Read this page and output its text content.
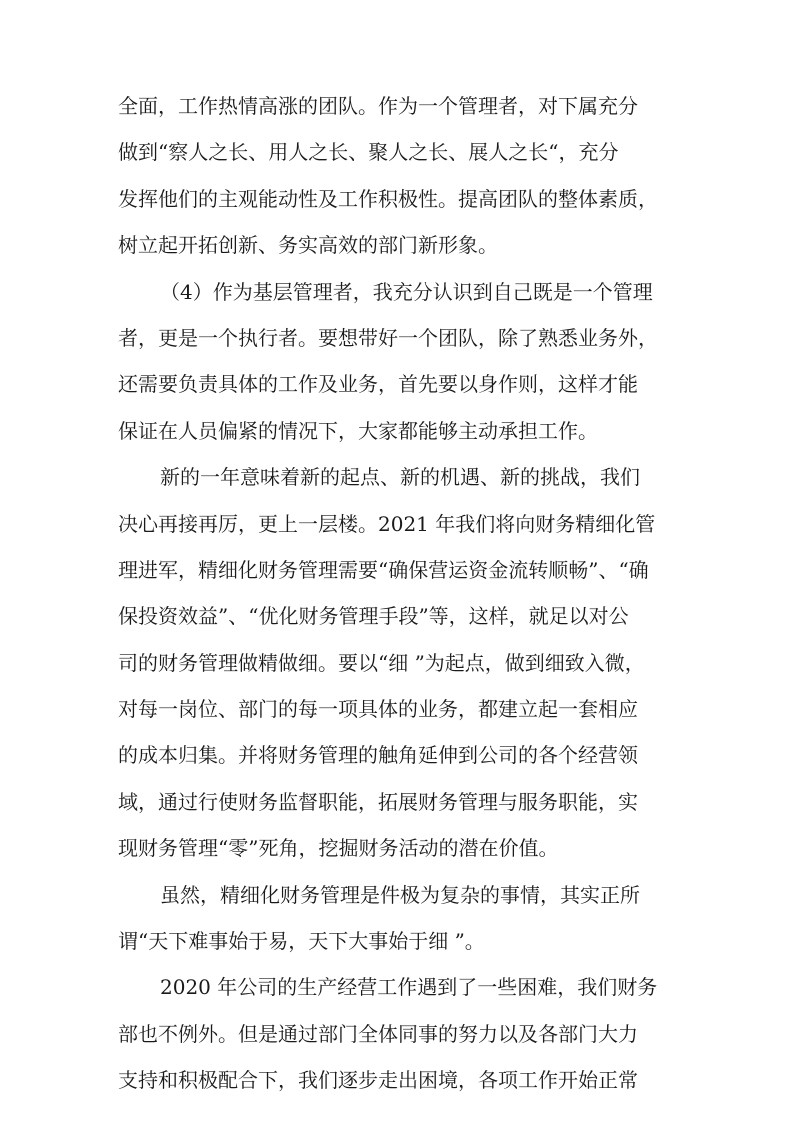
全面，工作热情高涨的团队。作为一个管理者，对下属充分

做到“察人之长、用人之长、聚人之长、展人之长“，充分

发挥他们的主观能动性及工作积极性。提高团队的整体素质，

树立起开拓创新、务实高效的部门新形象。

（4）作为基层管理者，我充分认识到自己既是一个管理

者，更是一个执行者。要想带好一个团队，除了熟悉业务外，

还需要负责具体的工作及业务，首先要以身作则，这样才能

保证在人员偏紧的情况下，大家都能够主动承担工作。

新的一年意味着新的起点、新的机遇、新的挑战，我们

决心再接再厉，更上一层楼。2021 年我们将向财务精细化管

理进军，精细化财务管理需要“确保营运资金流转顺畅”、“确

保投资效益”、“优化财务管理手段”等，这样，就足以对公

司的财务管理做精做细。要以“细 ”为起点，做到细致入微，

对每一岗位、部门的每一项具体的业务，都建立起一套相应

的成本归集。并将财务管理的触角延伸到公司的各个经营领

域，通过行使财务监督职能，拓展财务管理与服务职能，实

现财务管理“零”死角，挖掘财务活动的潜在价值。

虽然，精细化财务管理是件极为复杂的事情，其实正所

谓“天下难事始于易，天下大事始于细 ”。

2020 年公司的生产经营工作遇到了一些困难，我们财务

部也不例外。但是通过部门全体同事的努力以及各部门大力

支持和积极配合下，我们逐步走出困境，各项工作开始正常
